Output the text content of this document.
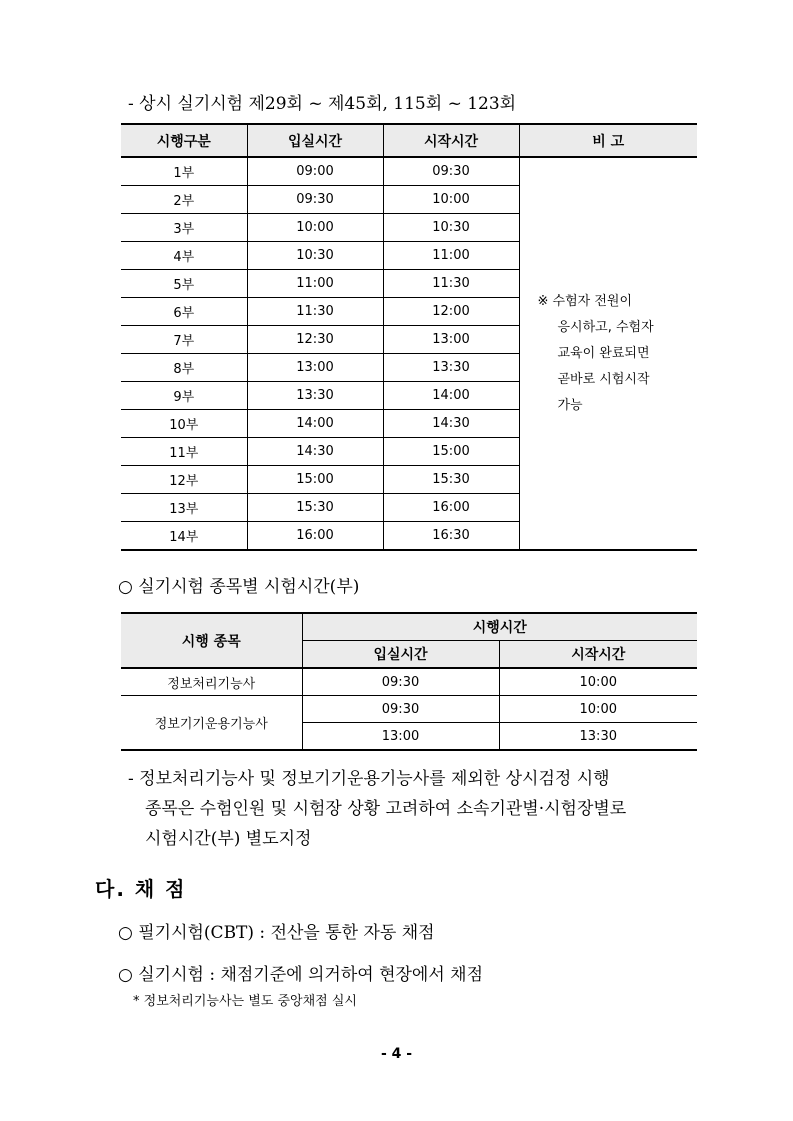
- 상시 실기시험 제29회 ~ 제45회, 115회 ~ 123회
시행구분	입실시간	시작시간	비 고
1부	09:00	09:30	※ 수험자 전원이
응시하고, 수험자
교육이 완료되면
곧바로 시험시작
가능

2부	09:30	10:00	
3부	10:00	10:30	
4부	10:30	11:00	
5부	11:00	11:30	
6부	11:30	12:00	
7부	12:30	13:00	
8부	13:00	13:30	
9부	13:30	14:00	
10부	14:00	14:30	
11부	14:30	15:00	
12부	15:00	15:30	
13부	15:30	16:00	
14부	16:00	16:30	
○ 실기시험 종목별 시험시간(부)
시행 종목	시행시간	
	입실시간	시작시간
정보처리기능사	09:30	10:00
정보기기운용기능사	09:30	10:00
	13:00	13:30
- 정보처리기능사 및 정보기기운용기능사를 제외한 상시검정 시행
종목은 수험인원 및 시험장 상황 고려하여 소속기관별·시험장별로
시험시간(부) 별도지정
다. 채 점
○ 필기시험(CBT) : 전산을 통한 자동 채점
○ 실기시험 : 채점기준에 의거하여 현장에서 채점
* 정보처리기능사는 별도 중앙채점 실시
- 4 -
